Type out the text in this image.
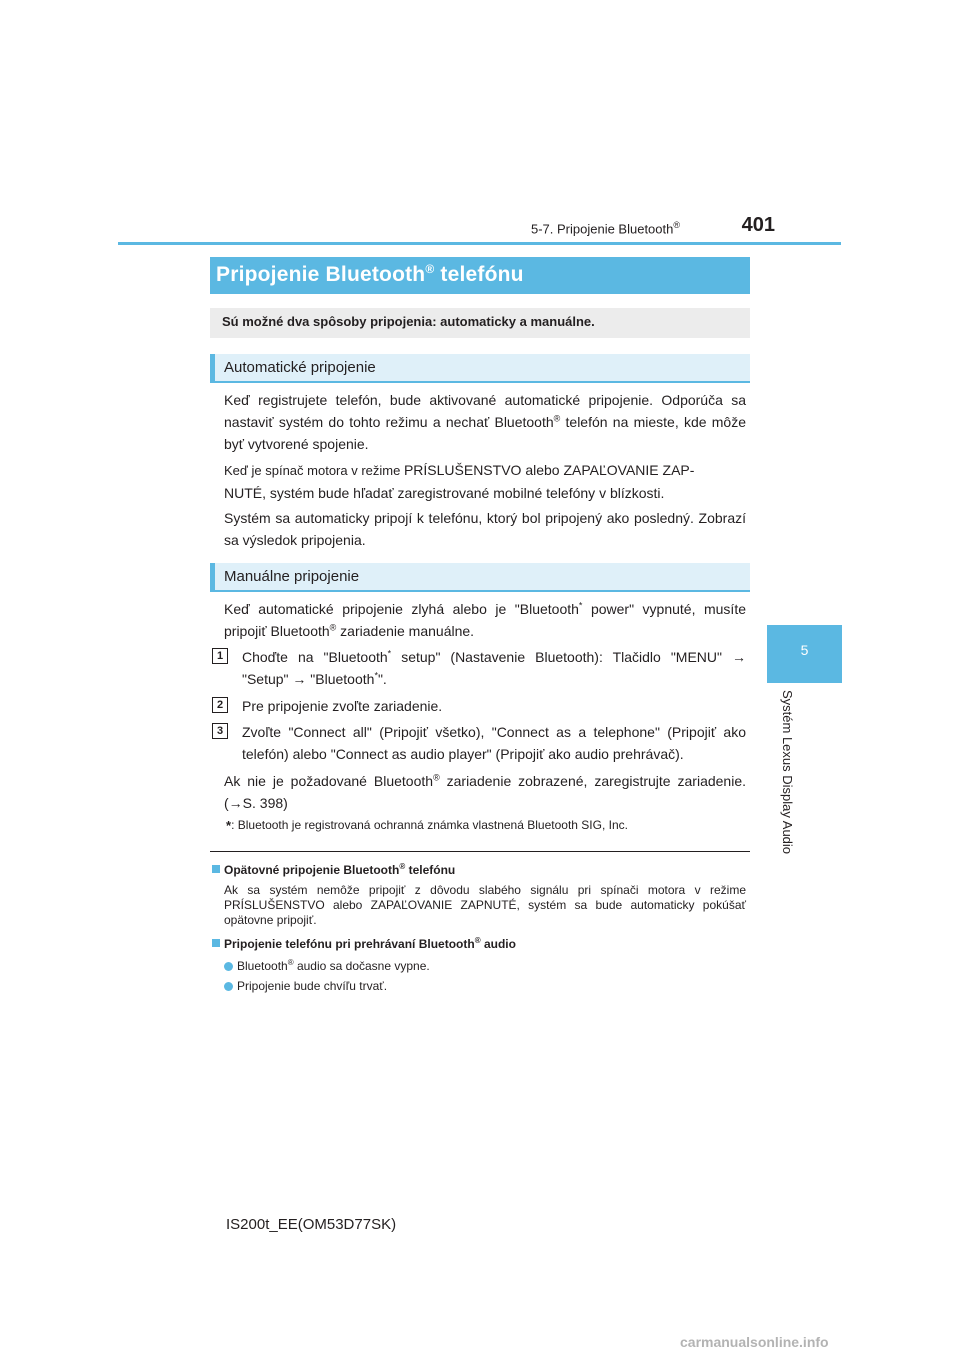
5-7. Pripojenie Bluetooth®	401
5
Systém Lexus Display Audio
Pripojenie Bluetooth® telefónu
Sú možné dva spôsoby pripojenia: automaticky a manuálne.
Automatické pripojenie
Keď registrujete telefón, bude aktivované automatické pripojenie. Odporúča sa nastaviť systém do tohto režimu a nechať Bluetooth® telefón na mieste, kde môže byť vytvorené spojenie.
Keď je spínač motora v režime PRÍSLUŠENSTVO alebo ZAPAĽOVANIE ZAP-
NUTÉ, systém bude hľadať zaregistrované mobilné telefóny v blízkosti.
Systém sa automaticky pripojí k telefónu, ktorý bol pripojený ako posledný. Zobrazí sa výsledok pripojenia.
Manuálne pripojenie
Keď automatické pripojenie zlyhá alebo je "Bluetooth* power" vypnuté, musíte pripojiť Bluetooth® zariadenie manuálne.
1	Choďte na "Bluetooth* setup" (Nastavenie Bluetooth): Tlačidlo "MENU" → "Setup" → "Bluetooth*".
2	Pre pripojenie zvoľte zariadenie.
3	Zvoľte "Connect all" (Pripojiť všetko), "Connect as a telephone" (Pripojiť ako telefón) alebo "Connect as audio player" (Pripojiť ako audio prehrávač).
Ak nie je požadované Bluetooth® zariadenie zobrazené, zaregistrujte zariadenie. (→S. 398)
*: Bluetooth je registrovaná ochranná známka vlastnená Bluetooth SIG, Inc.
Opätovné pripojenie Bluetooth® telefónu
Ak sa systém nemôže pripojiť z dôvodu slabého signálu pri spínači motora v režime PRÍSLUŠENSTVO alebo ZAPAĽOVANIE ZAPNUTÉ, systém sa bude automaticky pokúšať opätovne pripojiť.
Pripojenie telefónu pri prehrávaní Bluetooth® audio
Bluetooth® audio sa dočasne vypne.
Pripojenie bude chvíľu trvať.
IS200t_EE(OM53D77SK)
carmanualsonline.info
